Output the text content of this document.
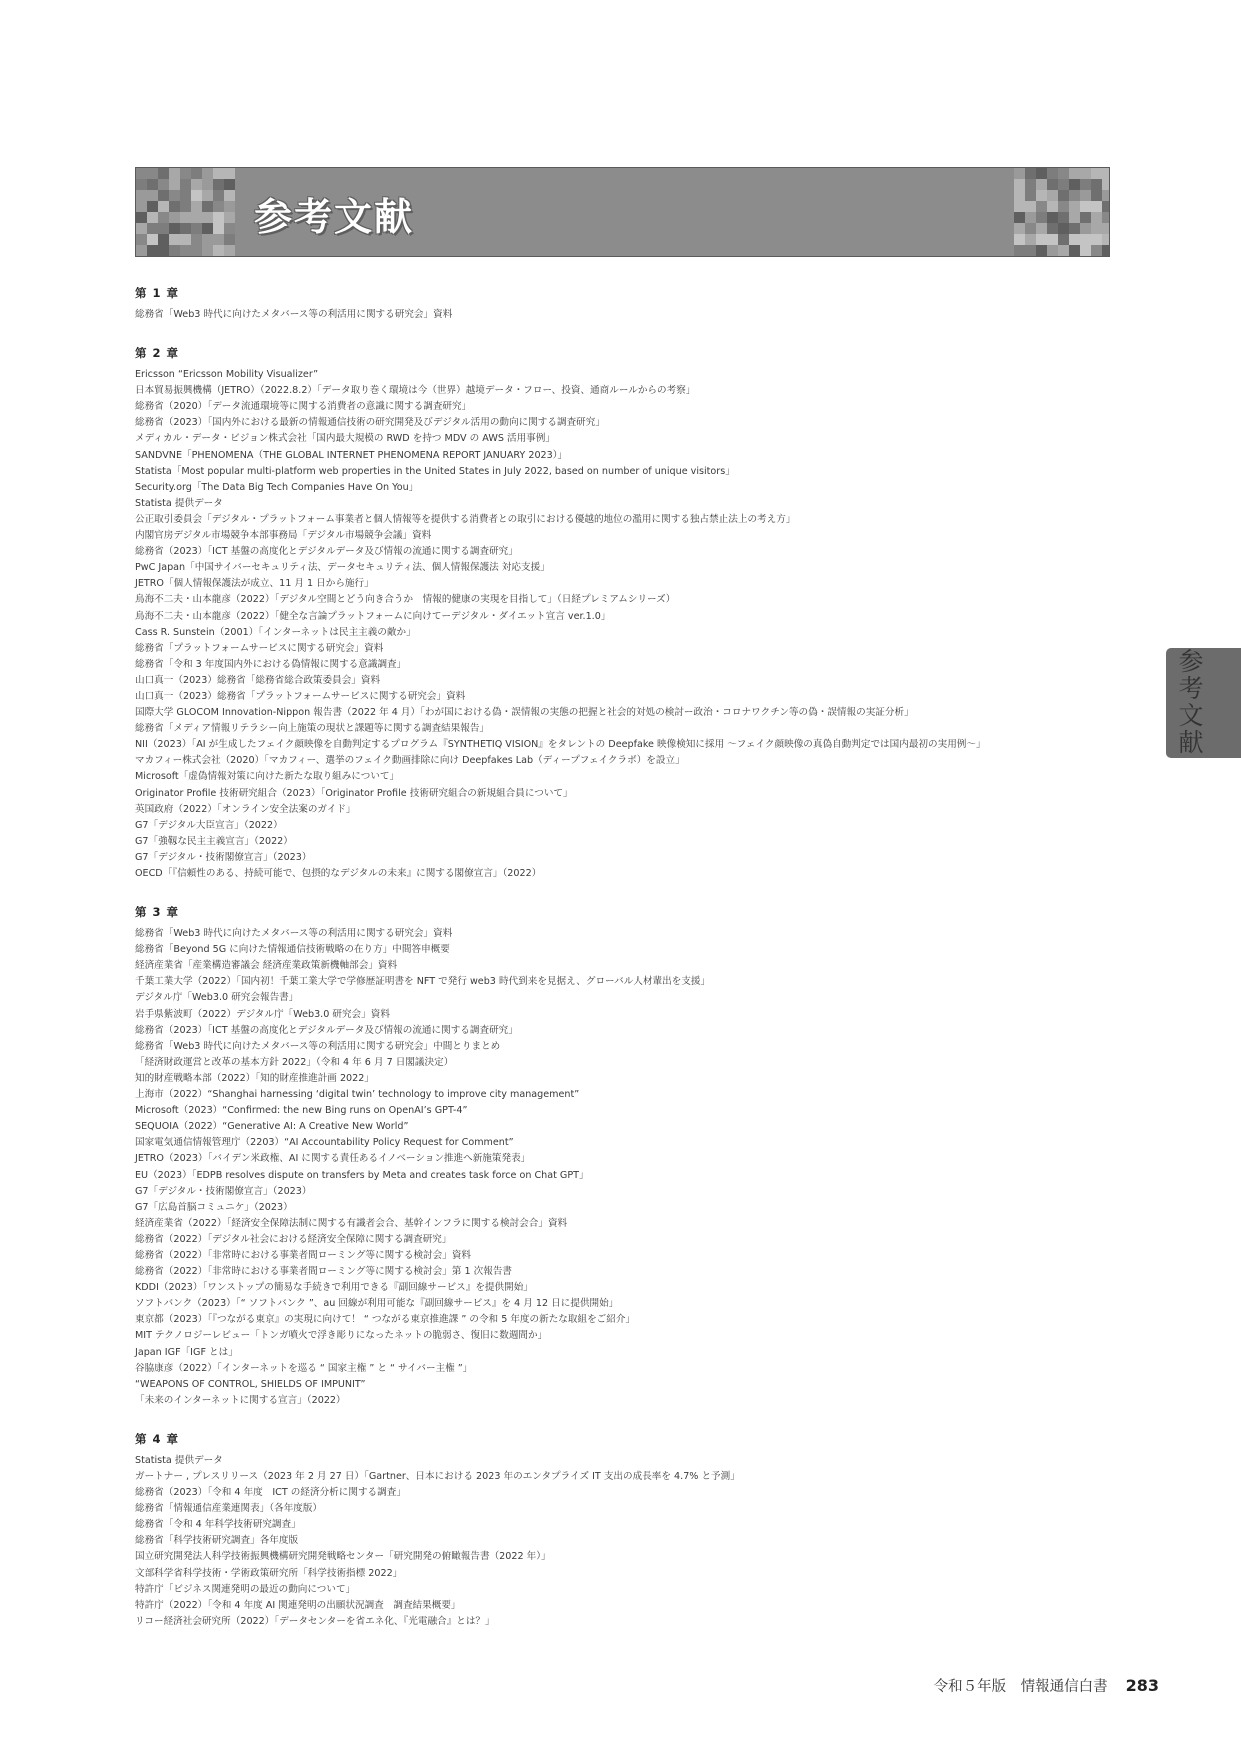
参考文献
第 1 章
総務省「Web3 時代に向けたメタバース等の利活用に関する研究会」資料
第 2 章
Ericsson “Ericsson Mobility Visualizer”
日本貿易振興機構（JETRO）（2022.8.2）「データ取り巻く環境は今（世界）越境データ・フロー、投資、通商ルールからの考察」
総務省（2020）「データ流通環境等に関する消費者の意識に関する調査研究」
総務省（2023）「国内外における最新の情報通信技術の研究開発及びデジタル活用の動向に関する調査研究」
メディカル・データ・ビジョン株式会社「国内最大規模の RWD を持つ MDV の AWS 活用事例」
SANDVNE「PHENOMENA（THE GLOBAL INTERNET PHENOMENA REPORT JANUARY 2023）」
Statista「Most popular multi-platform web properties in the United States in July 2022, based on number of unique visitors」
Security.org「The Data Big Tech Companies Have On You」
Statista 提供データ
公正取引委員会「デジタル・プラットフォーム事業者と個人情報等を提供する消費者との取引における優越的地位の濫用に関する独占禁止法上の考え方」
内閣官房デジタル市場競争本部事務局「デジタル市場競争会議」資料
総務省（2023）「ICT 基盤の高度化とデジタルデータ及び情報の流通に関する調査研究」
PwC Japan「中国サイバーセキュリティ法、データセキュリティ法、個人情報保護法 対応支援」
JETRO「個人情報保護法が成立、11 月 1 日から施行」
鳥海不二夫・山本龍彦（2022）「デジタル空間とどう向き合うか　情報的健康の実現を目指して」（日経プレミアムシリーズ）
鳥海不二夫・山本龍彦（2022）「健全な言論プラットフォームに向けてーデジタル・ダイエット宣言 ver.1.0」
Cass R. Sunstein（2001）「インターネットは民主主義の敵か」
総務省「プラットフォームサービスに関する研究会」資料
総務省「令和 3 年度国内外における偽情報に関する意識調査」
山口真一（2023）総務省「総務省総合政策委員会」資料
山口真一（2023）総務省「プラットフォームサービスに関する研究会」資料
国際大学 GLOCOM Innovation-Nippon 報告書（2022 年 4 月）「わが国における偽・誤情報の実態の把握と社会的対処の検討ー政治・コロナワクチン等の偽・誤情報の実証分析」
総務省「メディア情報リテラシー向上施策の現状と課題等に関する調査結果報告」
NII（2023）「AI が生成したフェイク顔映像を自動判定するプログラム『SYNTHETIQ VISION』をタレントの Deepfake 映像検知に採用 〜フェイク顔映像の真偽自動判定では国内最初の実用例〜」
マカフィー株式会社（2020）「マカフィー、選挙のフェイク動画排除に向け Deepfakes Lab（ディープフェイクラボ）を設立」
Microsoft「虚偽情報対策に向けた新たな取り組みについて」
Originator Profile 技術研究組合（2023）「Originator Profile 技術研究組合の新規組合員について」
英国政府（2022）「オンライン安全法案のガイド」
G7「デジタル大臣宣言」（2022）
G7「強靱な民主主義宣言」（2022）
G7「デジタル・技術閣僚宣言」（2023）
OECD「『信頼性のある、持続可能で、包摂的なデジタルの未来』に関する閣僚宣言」（2022）
第 3 章
総務省「Web3 時代に向けたメタバース等の利活用に関する研究会」資料
総務省「Beyond 5G に向けた情報通信技術戦略の在り方」中間答申概要
経済産業省「産業構造審議会 経済産業政策新機軸部会」資料
千葉工業大学（2022）「国内初！千葉工業大学で学修歴証明書を NFT で発行 web3 時代到来を見据え、グローバル人材輩出を支援」
デジタル庁「Web3.0 研究会報告書」
岩手県紫波町（2022）デジタル庁「Web3.0 研究会」資料
総務省（2023）「ICT 基盤の高度化とデジタルデータ及び情報の流通に関する調査研究」
総務省「Web3 時代に向けたメタバース等の利活用に関する研究会」中間とりまとめ
「経済財政運営と改革の基本方針 2022」（令和 4 年 6 月 7 日閣議決定）
知的財産戦略本部（2022）「知的財産推進計画 2022」
上海市（2022）“Shanghai harnessing ‘digital twin’ technology to improve city management”
Microsoft（2023）“Confirmed: the new Bing runs on OpenAI’s GPT-4”
SEQUOIA（2022）“Generative AI: A Creative New World”
国家電気通信情報管理庁（2203）“AI Accountability Policy Request for Comment”
JETRO（2023）「バイデン米政権、AI に関する責任あるイノベーション推進へ新施策発表」
EU（2023）「EDPB resolves dispute on transfers by Meta and creates task force on Chat GPT」
G7「デジタル・技術閣僚宣言」（2023）
G7「広島首脳コミュニケ」（2023）
経済産業省（2022）「経済安全保障法制に関する有識者会合、基幹インフラに関する検討会合」資料
総務省（2022）「デジタル社会における経済安全保障に関する調査研究」
総務省（2022）「非常時における事業者間ローミング等に関する検討会」資料
総務省（2022）「非常時における事業者間ローミング等に関する検討会」第 1 次報告書
KDDI（2023）「ワンストップの簡易な手続きで利用できる『副回線サービス』を提供開始」
ソフトバンク（2023）「“ ソフトバンク ”、au 回線が利用可能な『副回線サービス』を 4 月 12 日に提供開始」
東京都（2023）「『つながる東京』の実現に向けて！ “ つながる東京推進課 ” の令和 5 年度の新たな取組をご紹介」
MIT テクノロジーレビュー「トンガ噴火で浮き彫りになったネットの脆弱さ、復旧に数週間か」
Japan IGF「IGF とは」
谷脇康彦（2022）「インターネットを巡る “ 国家主権 ” と “ サイバー主権 ”」
“WEAPONS OF CONTROL, SHIELDS OF IMPUNIT”
「未来のインターネットに関する宣言」（2022）
第 4 章
Statista 提供データ
ガートナー , プレスリリース（2023 年 2 月 27 日）「Gartner、日本における 2023 年のエンタプライズ IT 支出の成長率を 4.7% と予測」
総務省（2023）「令和 4 年度　ICT の経済分析に関する調査」
総務省「情報通信産業連関表」（各年度版）
総務省「令和 4 年科学技術研究調査」
総務省「科学技術研究調査」各年度版
国立研究開発法人科学技術振興機構研究開発戦略センター「研究開発の俯瞰報告書（2022 年）」
文部科学省科学技術・学術政策研究所「科学技術指標 2022」
特許庁「ビジネス関連発明の最近の動向について」
特許庁（2022）「令和 4 年度 AI 関連発明の出願状況調査　調査結果概要」
リコー経済社会研究所（2022）「データセンターを省エネ化、『光電融合』とは？」
参考文献
令和５年版　情報通信白書 283
